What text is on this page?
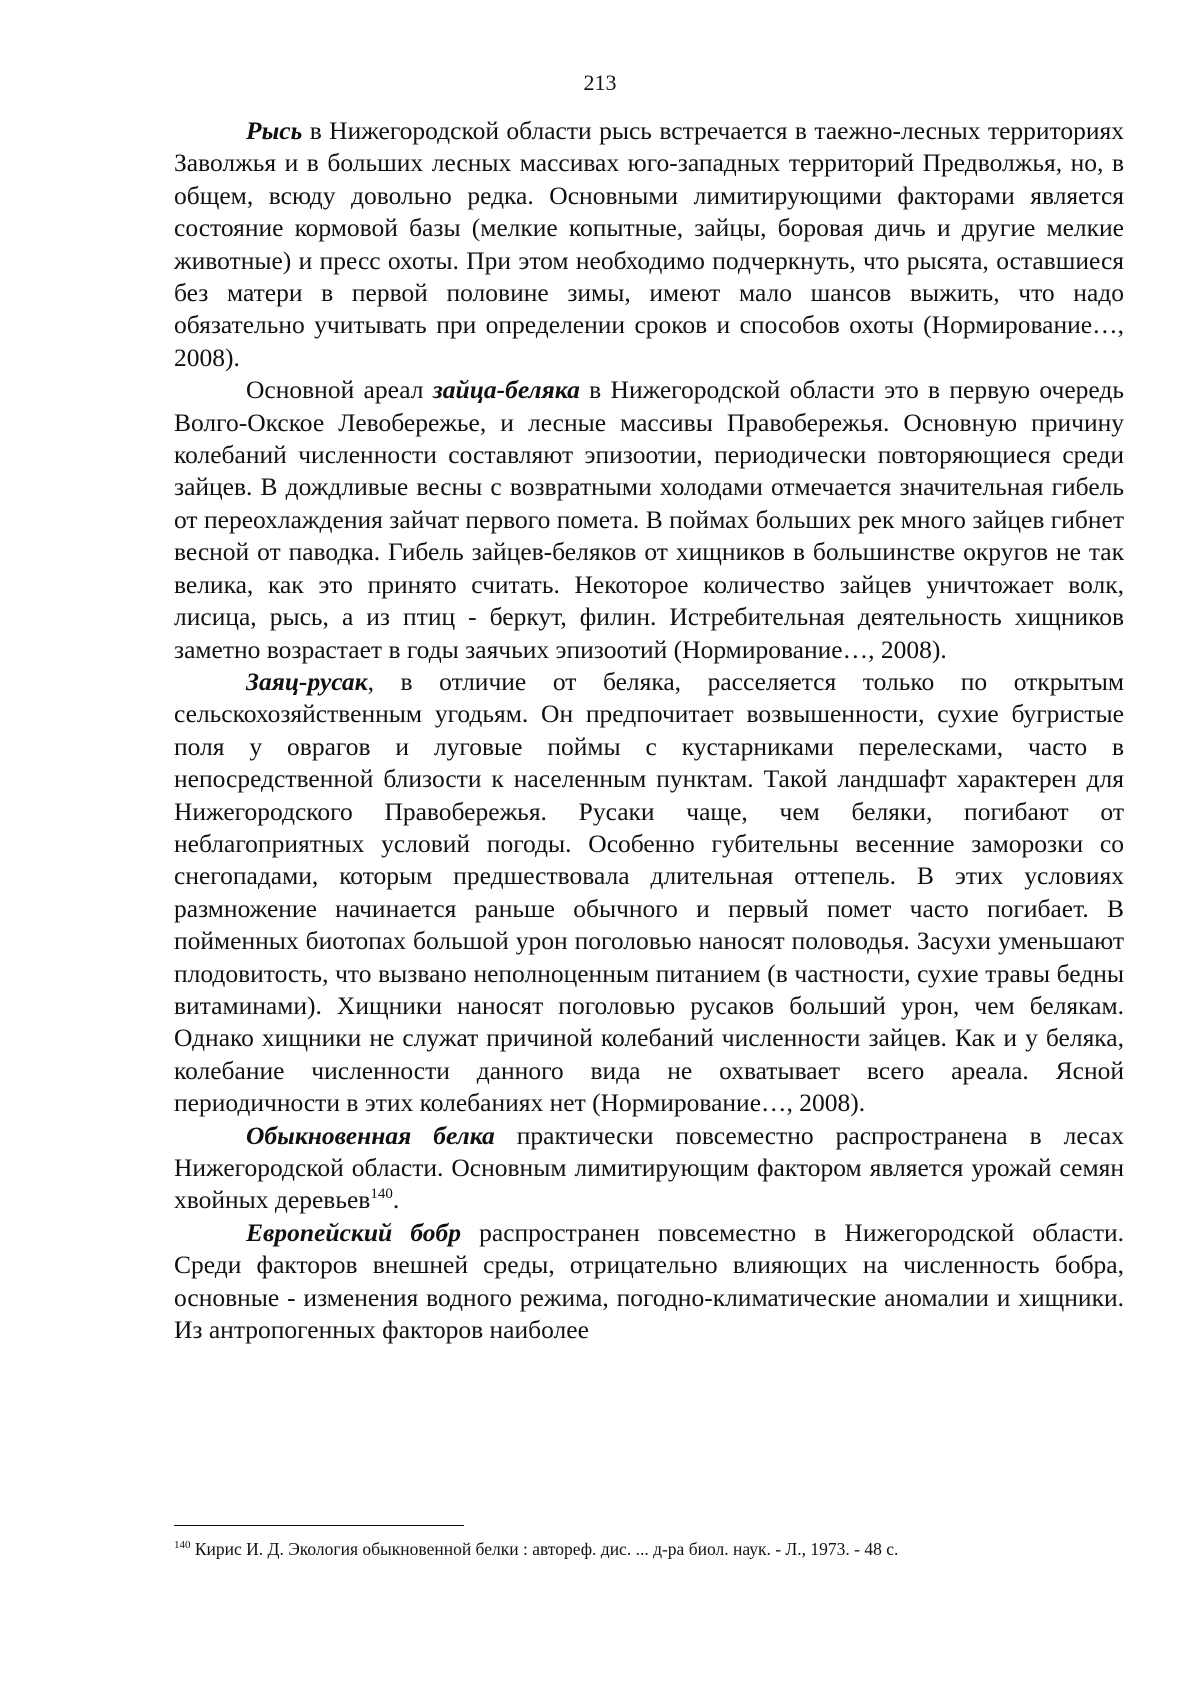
213

Рысь в Нижегородской области рысь встречается в таежно-лесных территориях Заволжья и в больших лесных массивах юго-западных территорий Предволжья, но, в общем, всюду довольно редка. Основными лимитирующими факторами является состояние кормовой базы (мелкие копытные, зайцы, боровая дичь и другие мелкие животные) и пресс охоты. При этом необходимо подчеркнуть, что рысята, оставшиеся без матери в первой половине зимы, имеют мало шансов выжить, что надо обязательно учитывать при определении сроков и способов охоты (Нормирование…, 2008).

Основной ареал зайца-беляка в Нижегородской области это в первую очередь Волго-Окское Левобережье, и лесные массивы Правобережья. Основную причину колебаний численности составляют эпизоотии, периодически повторяющиеся среди зайцев. В дождливые весны с возвратными холодами отмечается значительная гибель от переохлаждения зайчат первого помета. В поймах больших рек много зайцев гибнет весной от паводка. Гибель зайцев-беляков от хищников в большинстве округов не так велика, как это принято считать. Некоторое количество зайцев уничтожает волк, лисица, рысь, а из птиц - беркут, филин. Истребительная деятельность хищников заметно возрастает в годы заячьих эпизоотий (Нормирование…, 2008).

Заяц-русак, в отличие от беляка, расселяется только по открытым сельскохозяйственным угодьям. Он предпочитает возвышенности, сухие бугристые поля у оврагов и луговые поймы с кустарниками перелесками, часто в непосредственной близости к населенным пунктам. Такой ландшафт характерен для Нижегородского Правобережья. Русаки чаще, чем беляки, погибают от неблагоприятных условий погоды. Особенно губительны весенние заморозки со снегопадами, которым предшествовала длительная оттепель. В этих условиях размножение начинается раньше обычного и первый помет часто погибает. В пойменных биотопах большой урон поголовью наносят половодья. Засухи уменьшают плодовитость, что вызвано неполноценным питанием (в частности, сухие травы бедны витаминами). Хищники наносят поголовью русаков больший урон, чем белякам. Однако хищники не служат причиной колебаний численности зайцев. Как и у беляка, колебание численности данного вида не охватывает всего ареала. Ясной периодичности в этих колебаниях нет (Нормирование…, 2008).

Обыкновенная белка практически повсеместно распространена в лесах Нижегородской области. Основным лимитирующим фактором является урожай семян хвойных деревьев$^{140}$.

Европейский бобр распространен повсеместно в Нижегородской области. Среди факторов внешней среды, отрицательно влияющих на численность бобра, основные - изменения водного режима, погодно-климатические аномалии и хищники. Из антропогенных факторов наиболее

$^{140}$ Кирис И. Д. Экология обыкновенной белки : автореф. дис. ... д-ра биол. наук. - Л., 1973. - 48 с.
